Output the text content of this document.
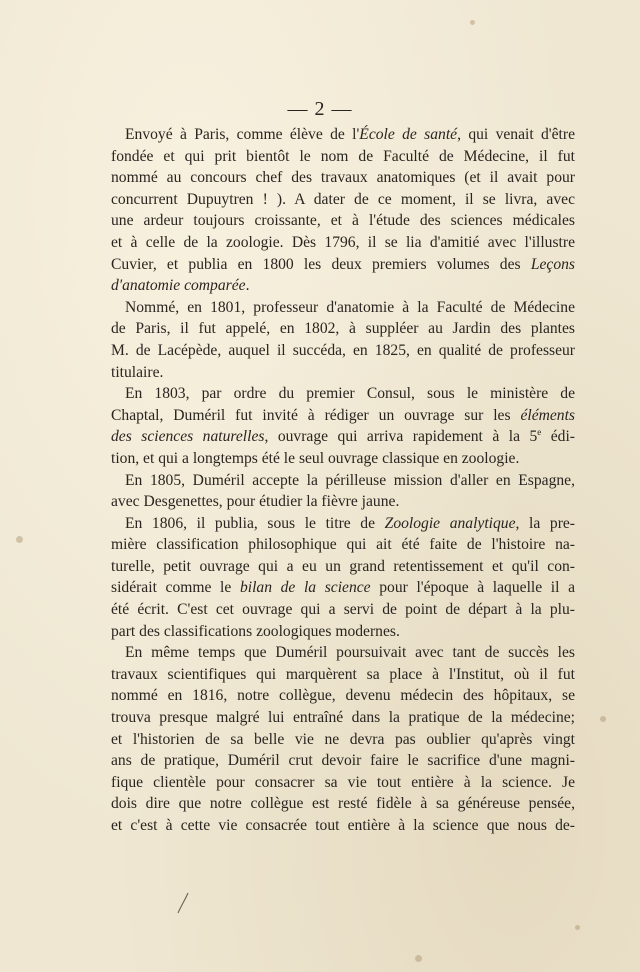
— 2 —
Envoyé à Paris, comme élève de l'École de santé, qui venait d'être
fondée et qui prit bientôt le nom de Faculté de Médecine, il fut
nommé au concours chef des travaux anatomiques (et il avait pour
concurrent Dupuytren ! ). A dater de ce moment, il se livra, avec
une ardeur toujours croissante, et à l'étude des sciences médicales
et à celle de la zoologie. Dès 1796, il se lia d'amitié avec l'illustre
Cuvier, et publia en 1800 les deux premiers volumes des Leçons
d'anatomie comparée.
Nommé, en 1801, professeur d'anatomie à la Faculté de Médecine
de Paris, il fut appelé, en 1802, à suppléer au Jardin des plantes
M. de Lacépède, auquel il succéda, en 1825, en qualité de professeur
titulaire.
En 1803, par ordre du premier Consul, sous le ministère de
Chaptal, Duméril fut invité à rédiger un ouvrage sur les éléments
des sciences naturelles, ouvrage qui arriva rapidement à la 5e édi-
tion, et qui a longtemps été le seul ouvrage classique en zoologie.
En 1805, Duméril accepte la périlleuse mission d'aller en Espagne,
avec Desgenettes, pour étudier la fièvre jaune.
En 1806, il publia, sous le titre de Zoologie analytique, la pre-
mière classification philosophique qui ait été faite de l'histoire na-
turelle, petit ouvrage qui a eu un grand retentissement et qu'il con-
sidérait comme le bilan de la science pour l'époque à laquelle il a
été écrit. C'est cet ouvrage qui a servi de point de départ à la plu-
part des classifications zoologiques modernes.
En même temps que Duméril poursuivait avec tant de succès les
travaux scientifiques qui marquèrent sa place à l'Institut, où il fut
nommé en 1816, notre collègue, devenu médecin des hôpitaux, se
trouva presque malgré lui entraîné dans la pratique de la médecine;
et l'historien de sa belle vie ne devra pas oublier qu'après vingt
ans de pratique, Duméril crut devoir faire le sacrifice d'une magni-
fique clientèle pour consacrer sa vie tout entière à la science. Je
dois dire que notre collègue est resté fidèle à sa généreuse pensée,
et c'est à cette vie consacrée tout entière à la science que nous de-
